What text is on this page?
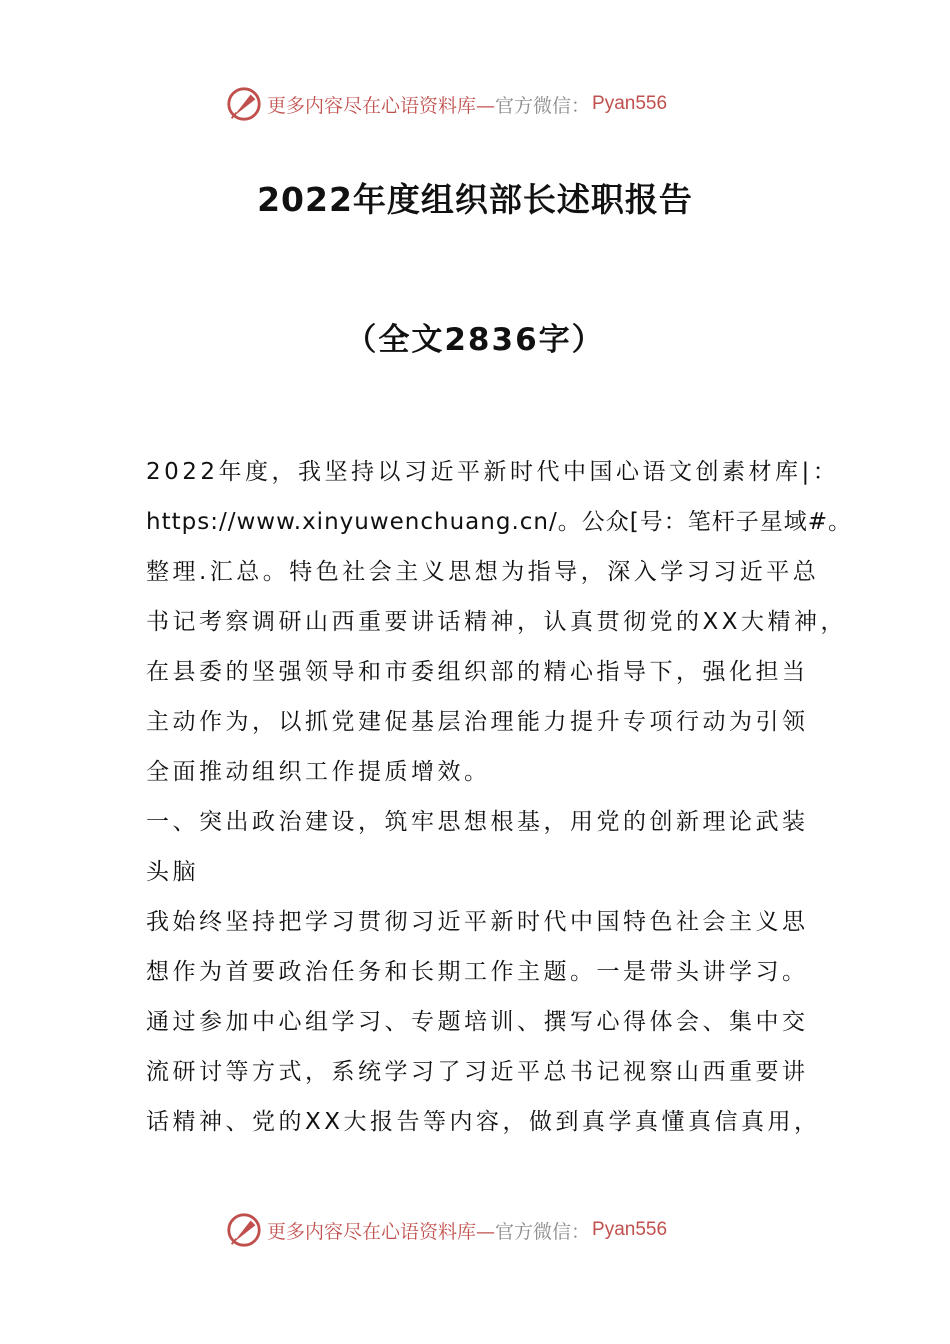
更多内容尽在心语资料库— 官方微信： Pyan556
2022年度组织部长述职报告
（全文2836字）
2022年度，我坚持以习近平新时代中国心语文创素材库|：
https://www.xinyuwenchuang.cn/。公众[号：笔杆子星域#。
整理.汇总。特色社会主义思想为指导，深入学习习近平总
书记考察调研山西重要讲话精神，认真贯彻党的XX大精神，
在县委的坚强领导和市委组织部的精心指导下，强化担当
主动作为，以抓党建促基层治理能力提升专项行动为引领
全面推动组织工作提质增效。
一、突出政治建设，筑牢思想根基，用党的创新理论武装
头脑
我始终坚持把学习贯彻习近平新时代中国特色社会主义思
想作为首要政治任务和长期工作主题。一是带头讲学习。
通过参加中心组学习、专题培训、撰写心得体会、集中交
流研讨等方式，系统学习了习近平总书记视察山西重要讲
话精神、党的XX大报告等内容，做到真学真懂真信真用，
更多内容尽在心语资料库— 官方微信： Pyan556
